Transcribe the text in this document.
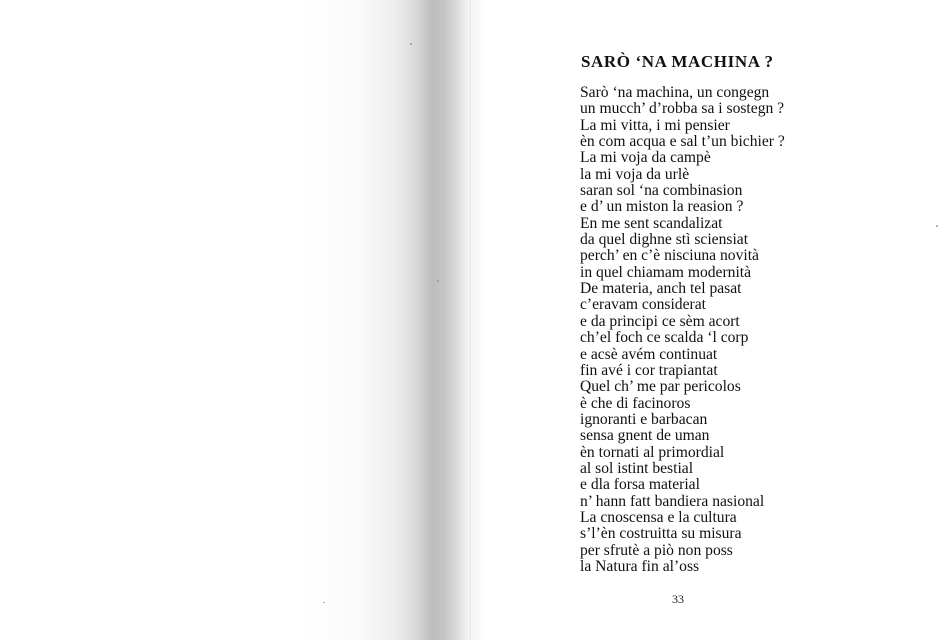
SARÒ ‘NA MACHINA ?
Sarò ‘na machina, un congegn
un mucch’ d’robba sa i sostegn ?
La mi vitta, i mi pensier
èn com acqua e sal t’un bichier ?
La mi voja da campè
la mi voja da urlè
saran sol ‘na combinasion
e d’ un miston la reasion ?
En me sent scandalizat
da quel dighne stì sciensiat
perch’ en c’è nisciuna novità
in quel chiamam modernità
De materia, anch tel pasat
c’eravam considerat
e da principi ce sèm acort
ch’el foch ce scalda ‘l corp
e acsè avém continuat
fin avé i cor trapiantat
Quel ch’ me par pericolos
è che di facinoros
ignoranti e barbacan
sensa gnent de uman
èn tornati al primordial
al sol istint bestial
e dla forsa material
n’ hann fatt bandiera nasional
La cnoscensa e la cultura
s’l’èn costruitta su misura
per sfrutè a piò non poss
la Natura fin al’oss
33
